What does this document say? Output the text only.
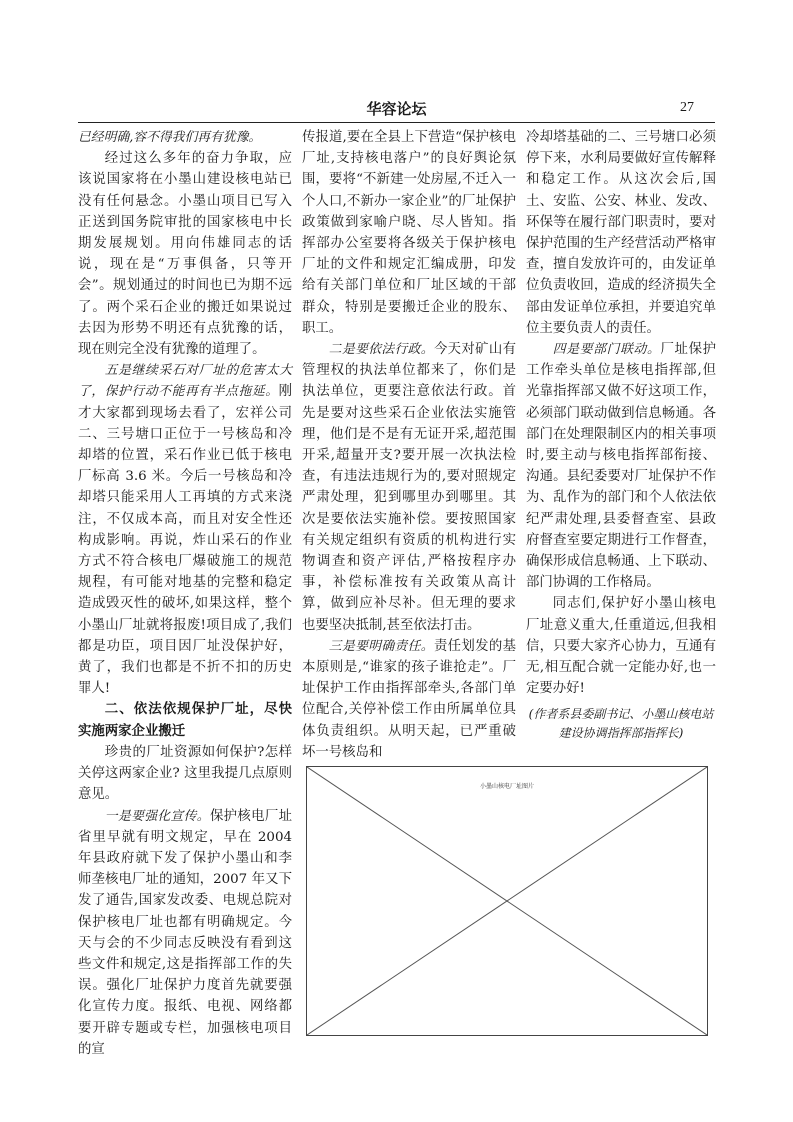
华容论坛	27

已经明确,容不得我们再有犹豫。

经过这么多年的奋力争取，应该说国家将在小墨山建设核电站已没有任何悬念。小墨山项目已写入正送到国务院审批的国家核电中长期发展规划。用向伟雄同志的话说，现在是“万事俱备，只等开会”。规划通过的时间也已为期不远了。两个采石企业的搬迁如果说过去因为形势不明还有点犹豫的话，现在则完全没有犹豫的道理了。

五是继续采石对厂址的危害太大了，保护行动不能再有半点拖延。刚才大家都到现场去看了，宏祥公司二、三号塘口正位于一号核岛和冷却塔的位置，采石作业已低于核电厂标高 3.6 米。今后一号核岛和冷却塔只能采用人工再填的方式来浇注，不仅成本高，而且对安全性还构成影响。再说，炸山采石的作业方式不符合核电厂爆破施工的规范规程，有可能对地基的完整和稳定造成毁灭性的破坏,如果这样，整个小墨山厂址就将报废!项目成了,我们都是功臣，项目因厂址没保护好，黄了，我们也都是不折不扣的历史罪人!

二、依法依规保护厂址，尽快实施两家企业搬迁

珍贵的厂址资源如何保护?怎样关停这两家企业? 这里我提几点原则意见。

一是要强化宣传。保护核电厂址省里早就有明文规定，早在 2004 年县政府就下发了保护小墨山和李师垄核电厂址的通知，2007 年又下发了通告,国家发改委、电规总院对保护核电厂址也都有明确规定。今天与会的不少同志反映没有看到这些文件和规定,这是指挥部工作的失误。强化厂址保护力度首先就要强化宣传力度。报纸、电视、网络都要开辟专题或专栏，加强核电项目的宣

传报道,要在全县上下营造“保护核电厂址,支持核电落户”的良好舆论氛围，要将“不新建一处房屋,不迁入一个人口,不新办一家企业”的厂址保护政策做到家喻户晓、尽人皆知。指挥部办公室要将各级关于保护核电厂址的文件和规定汇编成册，印发给有关部门单位和厂址区域的干部群众，特别是要搬迁企业的股东、职工。

二是要依法行政。今天对矿山有管理权的执法单位都来了，你们是执法单位，更要注意依法行政。首先是要对这些采石企业依法实施管理，他们是不是有无证开采,超范围开采,超量开支?要开展一次执法检查，有违法违规行为的,要对照规定严肃处理，犯到哪里办到哪里。其次是要依法实施补偿。要按照国家有关规定组织有资质的机构进行实物调查和资产评估,严格按程序办事，补偿标准按有关政策从高计算，做到应补尽补。但无理的要求也要坚决抵制,甚至依法打击。

三是要明确责任。责任划发的基本原则是,“谁家的孩子谁抢走”。厂址保护工作由指挥部牵头,各部门单位配合,关停补偿工作由所属单位具体负责组织。从明天起，已严重破坏一号核岛和

冷却塔基础的二、三号塘口必须停下来，水利局要做好宣传解释和稳定工作。从这次会后,国土、安监、公安、林业、发改、环保等在履行部门职责时，要对保护范围的生产经营活动严格审查，擅自发放许可的，由发证单位负责收回，造成的经济损失全部由发证单位承担，并要追究单位主要负责人的责任。

四是要部门联动。厂址保护工作牵头单位是核电指挥部,但光靠指挥部又做不好这项工作，必须部门联动做到信息畅通。各部门在处理限制区内的相关事项时,要主动与核电指挥部衔接、沟通。县纪委要对厂址保护不作为、乱作为的部门和个人依法依纪严肃处理,县委督查室、县政府督查室要定期进行工作督查，确保形成信息畅通、上下联动、部门协调的工作格局。

同志们,保护好小墨山核电厂址意义重大,任重道远,但我相信，只要大家齐心协力，互通有无,相互配合就一定能办好,也一定要办好!

(作者系县委副书记、小墨山核电站建设协调指挥部指挥长)
小墨山核电厂址图片
